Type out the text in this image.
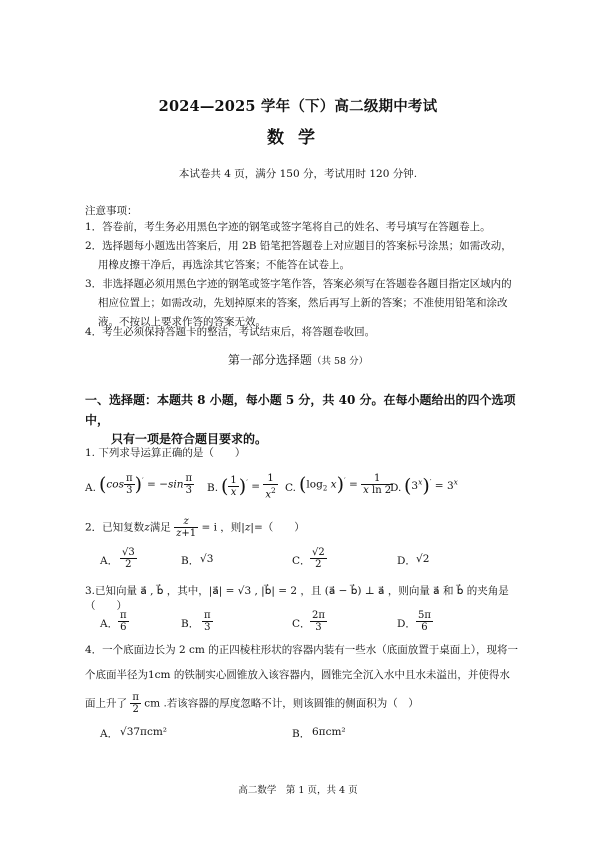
2024—2025 学年（下）高二级期中考试
数学
本试卷共 4 页，满分 150 分，考试用时 120 分钟.
注意事项：
1．答卷前，考生务必用黑色字迹的钢笔或签字笔将自己的姓名、考号填写在答题卷上。
2．选择题每小题选出答案后，用 2B 铅笔把答题卷上对应题目的答案标号涂黑；如需改动，
用橡皮擦干净后，再选涂其它答案；不能答在试卷上。
3．非选择题必须用黑色字迹的钢笔或签字笔作答，答案必须写在答题卷各题目指定区域内的
相应位置上；如需改动，先划掉原来的答案，然后再写上新的答案；不准使用铅笔和涂改
液。不按以上要求作答的答案无效。
4．考生必须保持答题卡的整洁，考试结束后，将答题卷收回。
第一部分选择题（共 58 分）
一、选择题：本题共 8 小题，每小题 5 分，共 40 分。在每小题给出的四个选项中，
只有一项是符合题目要求的。
1. 下列求导运算正确的是（　　）
A. $(\cos \frac{\pi}{3} )' = -\sin \frac{\pi}{3} B$. ( $\frac{1}{x} )' = \frac{1}{x^2} C$. ($\log_2$ $x)' = \frac{1}{\text{x ln 2}}$
D. $(3^x)' = 3^x$
2．已知复数z满足 $\frac{z}{z+1} = i$ ，则|z|=（　　）
A． $\frac{√3}{2}$	B． √3	C． $\frac{√2}{2}$	D． √2
3.已知向量 a⃗ , b⃗ ，其中，|a⃗| = √3 , |b⃗| = 2 ，且 (a⃗ − b⃗) ⊥ a⃗ ，则向量 a⃗ 和 b⃗ 的夹角是（　　）
A． $\frac{\pi}{6}$	B． $\frac{\pi}{3}$	C． $\frac{2\pi}{3}$	D． $\frac{5\pi}{6}$
4．一个底面边长为 2 cm 的正四棱柱形状的容器内装有一些水（底面放置于桌面上），现将一
个底面半径为1cm 的铁制实心圆锥放入该容器内，圆锥完全沉入水中且水未溢出，并使得水
面上升了 $\frac{\pi}{2}$ cm .若该容器的厚度忽略不计，则该圆锥的侧面积为（　）
A． √37πcm²	B． 6πcm²
高二数学　第 1 页，共 4 页
